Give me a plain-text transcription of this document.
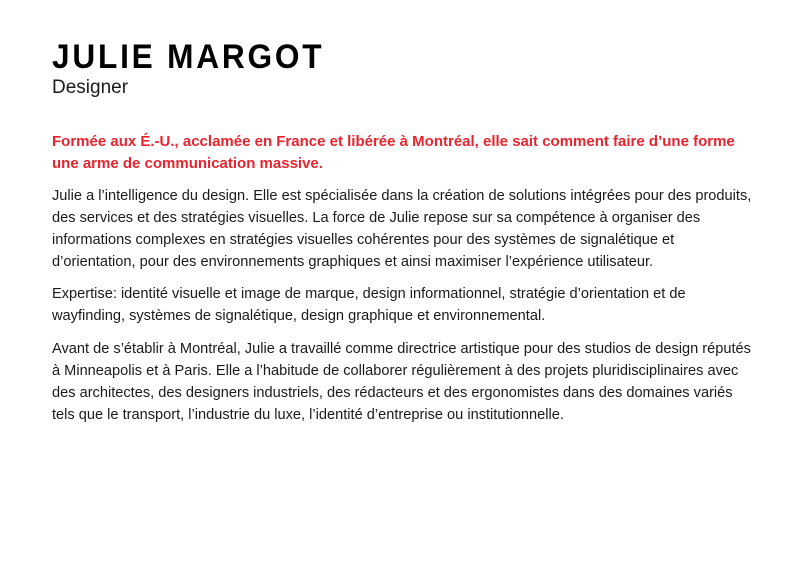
JULIE MARGOT

Designer

Formée aux É.-U., acclamée en France et libérée à Montréal, elle sait comment faire d’une forme une arme de communication massive.

Julie a l’intelligence du design. Elle est spécialisée dans la création de solutions intégrées pour des produits, des services et des stratégies visuelles. La force de Julie repose sur sa compétence à organiser des informations complexes en stratégies visuelles cohérentes pour des systèmes de signalétique et d’orientation, pour des environnements graphiques et ainsi maximiser l’expérience utilisateur.

Expertise: identité visuelle et image de marque, design informationnel, stratégie d’orientation et de wayfinding, systèmes de signalétique, design graphique et environnemental.

Avant de s’établir à Montréal, Julie a travaillé comme directrice artistique pour des studios de design réputés à Minneapolis et à Paris. Elle a l’habitude de collaborer régulièrement à des projets pluridisciplinaires avec des architectes, des designers industriels, des rédacteurs et des ergonomistes dans des domaines variés tels que le transport, l’industrie du luxe, l’identité d’entreprise ou institutionnelle.
